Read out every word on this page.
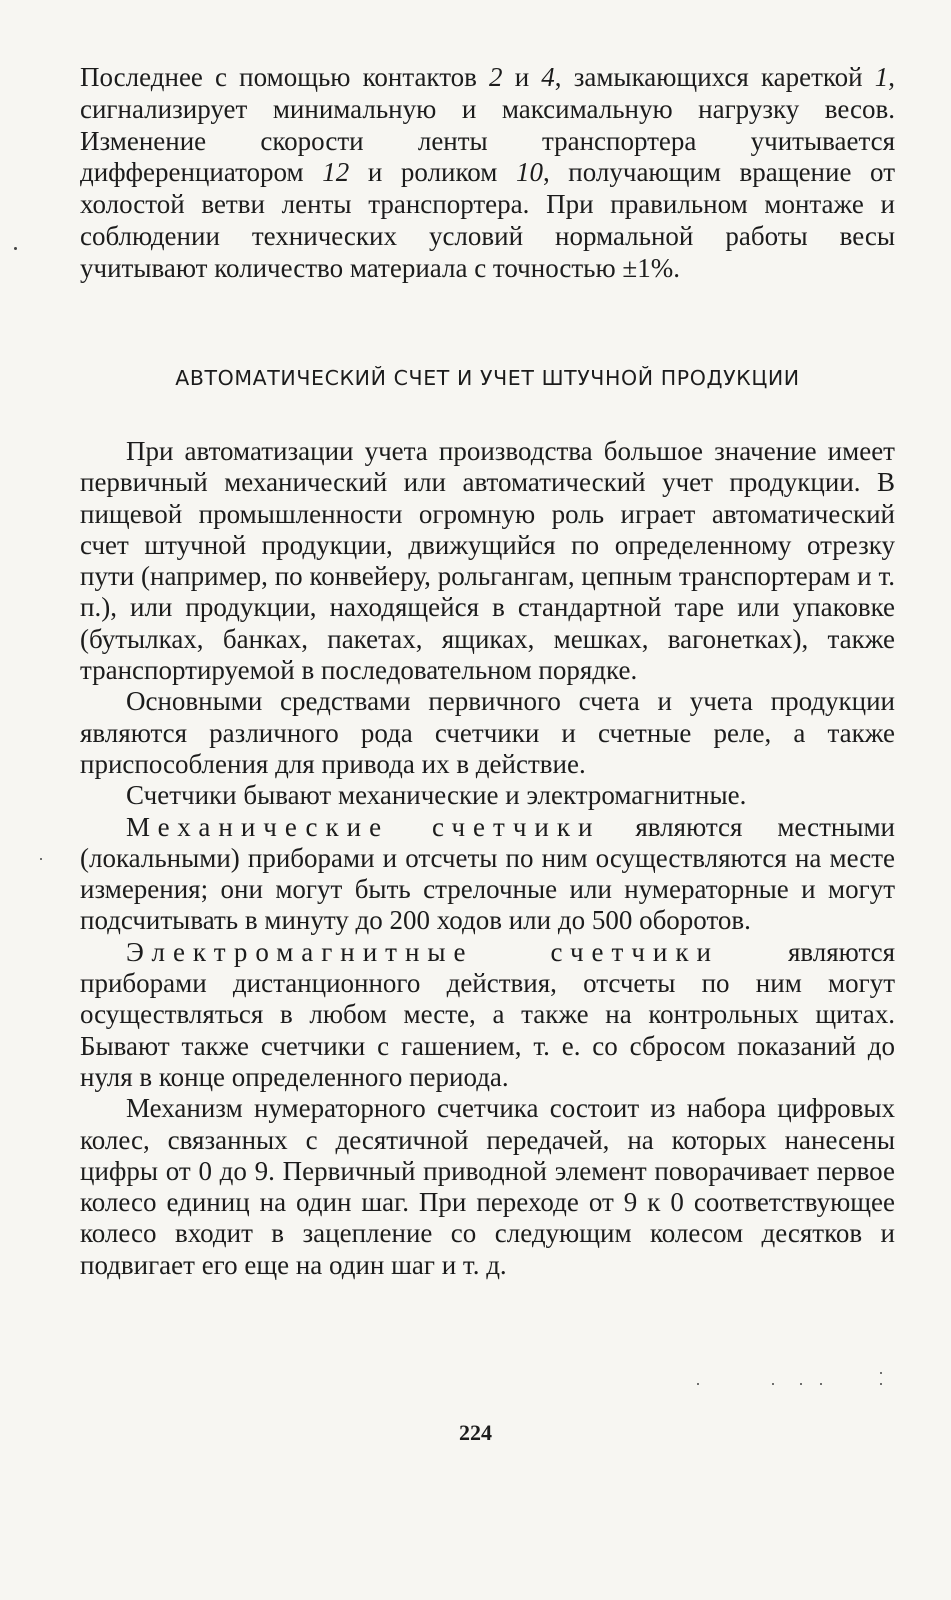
Последнее с помощью контактов 2 и 4, замыкающихся кареткой 1, сигнализирует минимальную и максимальную нагрузку весов. Изменение скорости ленты транспортера учитывается дифференциатором 12 и роликом 10, получающим вращение от холостой ветви ленты транспортера. При правильном монтаже и соблюдении технических условий нормальной работы весы учитывают количество материала с точностью ±1%.

АВТОМАТИЧЕСКИЙ СЧЕТ И УЧЕТ ШТУЧНОЙ ПРОДУКЦИИ

При автоматизации учета производства большое значение имеет первичный механический или автоматический учет продукции. В пищевой промышленности огромную роль играет автоматический счет штучной продукции, движущийся по определенному отрезку пути (например, по конвейеру, рольгангам, цепным транспортерам и т. п.), или продукции, находящейся в стандартной таре или упаковке (бутылках, банках, пакетах, ящиках, мешках, вагонетках), также транспортируемой в последовательном порядке.

Основными средствами первичного счета и учета продукции являются различного рода счетчики и счетные реле, а также приспособления для привода их в действие.

Счетчики бывают механические и электромагнитные.

Механические счетчики являются местными (локальными) приборами и отсчеты по ним осуществляются на месте измерения; они могут быть стрелочные или нумераторные и могут подсчитывать в минуту до 200 ходов или до 500 оборотов.

Электромагнитные счетчики являются приборами дистанционного действия, отсчеты по ним могут осуществляться в любом месте, а также на контрольных щитах. Бывают также счетчики с гашением, т. е. со сбросом показаний до нуля в конце определенного периода.

Механизм нумераторного счетчика состоит из набора цифровых колес, связанных с десятичной передачей, на которых нанесены цифры от 0 до 9. Первичный приводной элемент поворачивает первое колесо единиц на один шаг. При переходе от 9 к 0 соответствующее колесо входит в зацепление со следующим колесом десятков и подвигает его еще на один шаг и т. д.

224
